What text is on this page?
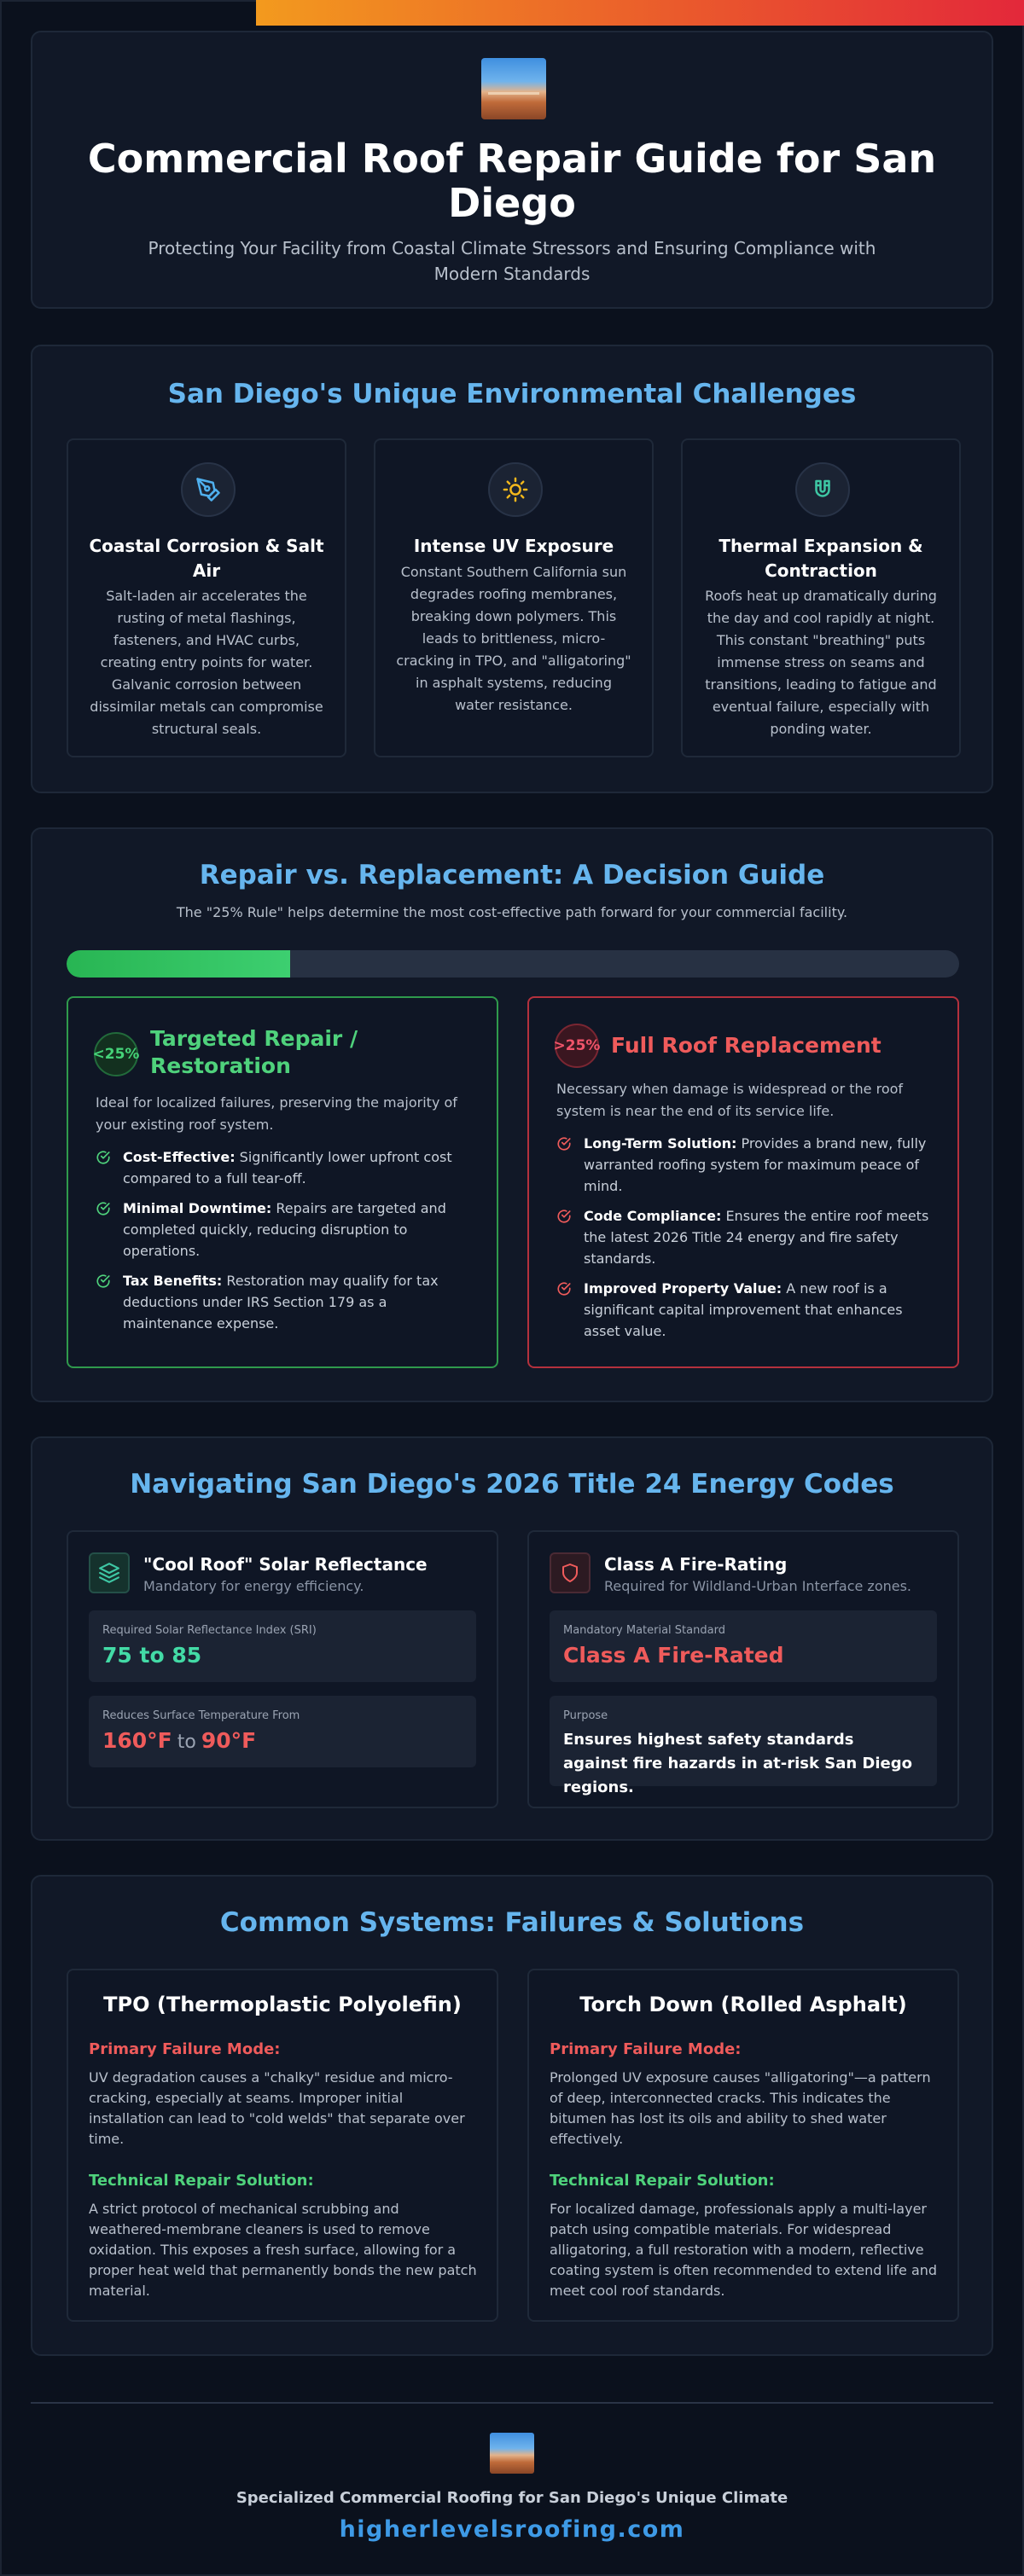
Commercial Roof Repair Guide for San Diego

Protecting Your Facility from Coastal Climate Stressors and Ensuring Compliance with Modern Standards

San Diego's Unique Environmental Challenges
Coastal Corrosion & Salt Air

Salt-laden air accelerates the rusting of metal flashings, fasteners, and HVAC curbs, creating entry points for water. Galvanic corrosion between dissimilar metals can compromise structural seals.

Intense UV Exposure

Constant Southern California sun degrades roofing membranes, breaking down polymers. This leads to brittleness, micro-cracking in TPO, and "alligatoring" in asphalt systems, reducing water resistance.

Thermal Expansion & Contraction

Roofs heat up dramatically during the day and cool rapidly at night. This constant "breathing" puts immense stress on seams and transitions, leading to fatigue and eventual failure, especially with ponding water.

Repair vs. Replacement: A Decision Guide

The "25% Rule" helps determine the most cost-effective path forward for your commercial facility.

<25%
Targeted Repair / Restoration

Ideal for localized failures, preserving the majority of your existing roof system.

Cost-Effective: Significantly lower upfront cost compared to a full tear-off.
Minimal Downtime: Repairs are targeted and completed quickly, reducing disruption to operations.
Tax Benefits: Restoration may qualify for tax deductions under IRS Section 179 as a maintenance expense.
>25% Full Roof Replacement

Necessary when damage is widespread or the roof system is near the end of its service life.

Long-Term Solution: Provides a brand new, fully warranted roofing system for maximum peace of mind.
Code Compliance: Ensures the entire roof meets the latest 2026 Title 24 energy and fire safety standards.
Improved Property Value: A new roof is a significant capital improvement that enhances asset value.
Navigating San Diego's 2026 Title 24 Energy Codes
"Cool Roof" Solar Reflectance
Mandatory for energy efficiency.
Required Solar Reflectance Index (SRI)
75 to 85
Reduces Surface Temperature From
160°F to 90°F
Class A Fire-Rating
Required for Wildland-Urban Interface zones.
Mandatory Material Standard
Class A Fire-Rated
Purpose
Ensures highest safety standards against fire hazards in at-risk San Diego regions.
Common Systems: Failures & Solutions
TPO (Thermoplastic Polyolefin)
Primary Failure Mode:

UV degradation causes a "chalky" residue and micro-cracking, especially at seams. Improper initial installation can lead to "cold welds" that separate over time.

Technical Repair Solution:

A strict protocol of mechanical scrubbing and weathered-membrane cleaners is used to remove oxidation. This exposes a fresh surface, allowing for a proper heat weld that permanently bonds the new patch material.

Torch Down (Rolled Asphalt)
Primary Failure Mode:

Prolonged UV exposure causes "alligatoring"—a pattern of deep, interconnected cracks. This indicates the bitumen has lost its oils and ability to shed water effectively.

Technical Repair Solution:

For localized damage, professionals apply a multi-layer patch using compatible materials. For widespread alligatoring, a full restoration with a modern, reflective coating system is often recommended to extend life and meet cool roof standards.

Specialized Commercial Roofing for San Diego's Unique Climate
higherlevelsroofing.com
